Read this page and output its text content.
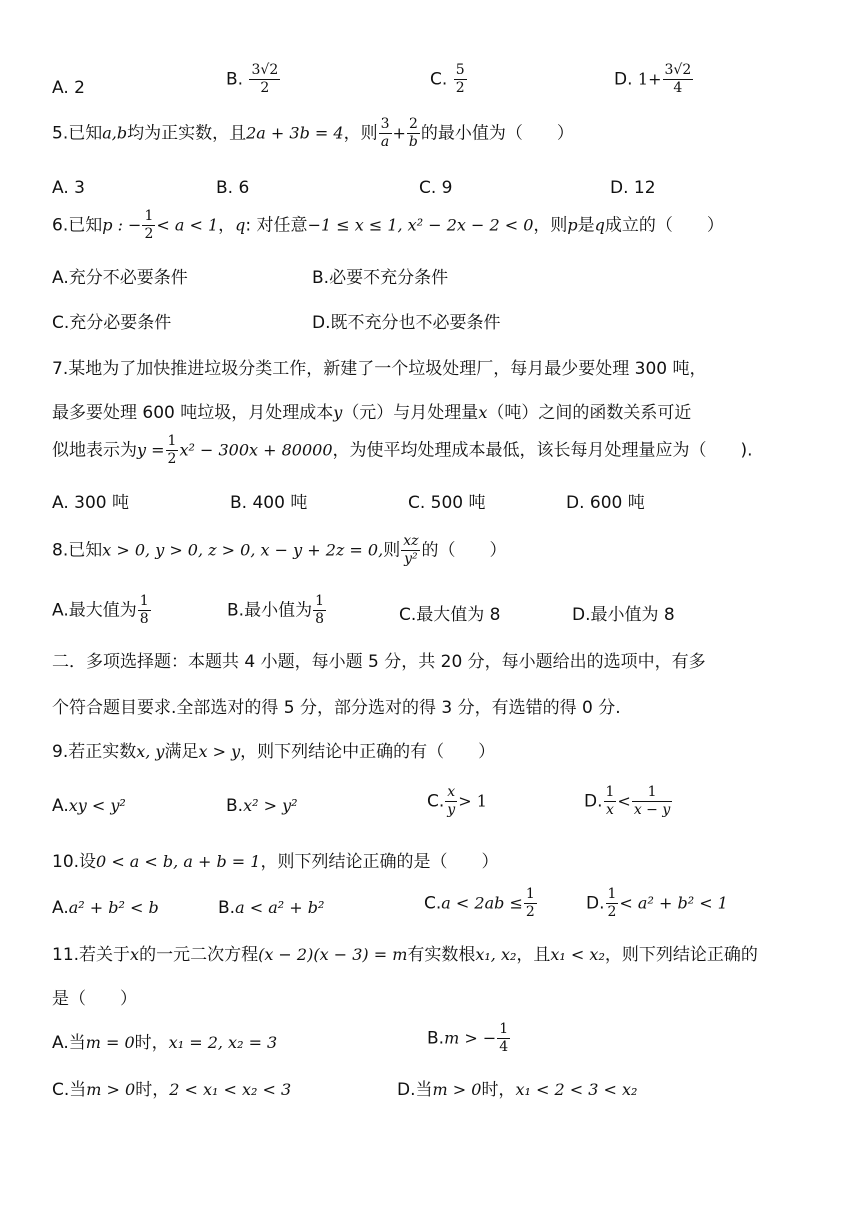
A. 2	B. $\frac{3√2}{2}$	C. $\frac{5}{2}$	D. $1+ \frac{3√2}{4}$
5.已知a,b均为正实数，且2a + 3b = 4，则 $\frac{3}{a} + \frac{2}{b}$ 的最小值为（　　）
A. 3	B. 6	C. 9	D. 12
6.已知p : − $\frac{1}{2} < a < 1$，q: 对任意−1 ≤ x ≤ 1, x² − 2x − 2 < 0，则p是q成立的（　　）
A.充分不必要条件	B.必要不充分条件
C.充分必要条件	D.既不充分也不必要条件
7.某地为了加快推进垃圾分类工作，新建了一个垃圾处理厂，每月最少要处理 300 吨，
最多要处理 600 吨垃圾，月处理成本y（元）与月处理量x（吨）之间的函数关系可近
似地表示为$y = \frac{1}{2} x^2 - 300x + 80000$，为使平均处理成本最低，该长每月处理量应为（　　).
A. 300 吨	B. 400 吨	C. 500 吨	D. 600 吨
8.已知x > 0, y > 0, z > 0, x − y + 2z = 0,则 $\frac{xz}{\text{y²}}$ 的（　　）
A.最大值为 $\frac{1}{8}$	B.最小值为 $\frac{1}{8}$	C.最大值为 8	D.最小值为 8
二．多项选择题：本题共 4 小题，每小题 5 分，共 20 分，每小题给出的选项中，有多
个符合题目要求.全部选对的得 5 分，部分选对的得 3 分，有选错的得 0 分.
9.若正实数x, y满足x > y，则下列结论中正确的有（　　）
A.xy < y²	B.x² > y²	C. $\frac{x}{y} > 1$	D. $\frac{1}{x} < \frac{1}{x - y}$
10.设0 < a < b, a + b = 1，则下列结论正确的是（　　）
A.a² + b² < b	B.a < a² + b²	$C.a < 2ab \le \frac{1}{2}$	D. $\frac{1}{2} < a^2 + b^2 < 1$
11.若关于x的一元二次方程(x − 2)(x − 3) = m有实数根x₁, x₂，且x₁ < x₂，则下列结论正确的
是（　　）
A.当m = 0时，x₁ = 2, x₂ = 3	B.m > − $\frac{1}{4}$
C.当m > 0时，2 < x₁ < x₂ < 3	D.当m > 0时，x₁ < 2 < 3 < x₂
